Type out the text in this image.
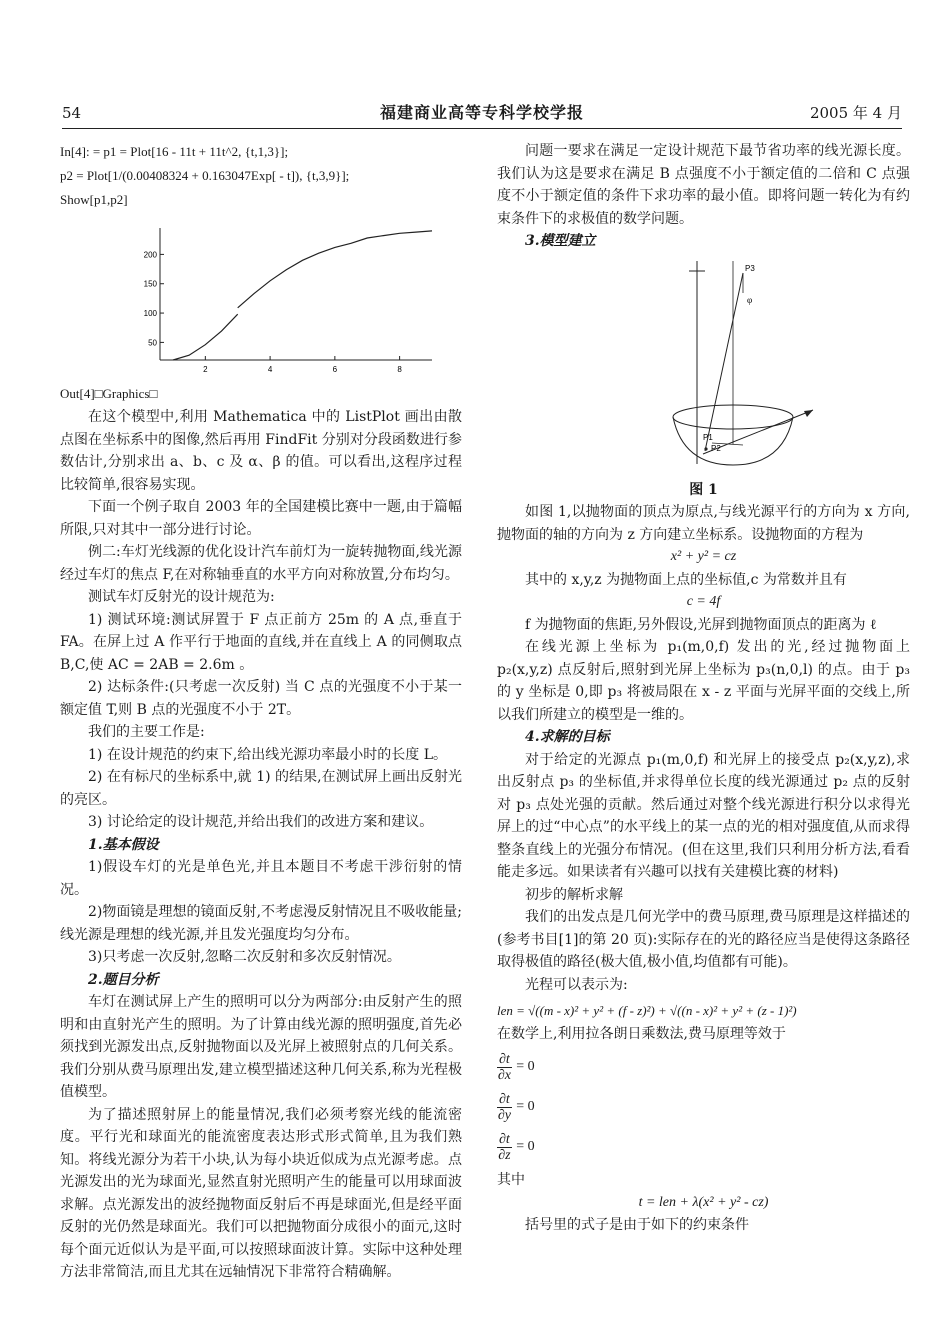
54	福建商业高等专科学校学报	2005 年 4 月

In[4]: = p1 = Plot[16 - 11t + 11t^2, {t,1,3}];

p2 = Plot[1/(0.00408324 + 0.163047Exp[ - t]), {t,3,9}];

Show[p1,p2]

50
100
150
200
2	4	6	8

Out[4]□Graphics□

在这个模型中,利用 Mathematica 中的 ListPlot 画出由散点图在坐标系中的图像,然后再用 FindFit 分别对分段函数进行参数估计,分别求出 a、b、c 及 α、β 的值。可以看出,这程序过程比较简单,很容易实现。

下面一个例子取自 2003 年的全国建模比赛中一题,由于篇幅所限,只对其中一部分进行讨论。

例二:车灯光线源的优化设计汽车前灯为一旋转抛物面,线光源经过车灯的焦点 F,在对称轴垂直的水平方向对称放置,分布均匀。

测试车灯反射光的设计规范为:

1) 测试环境:测试屏置于 F 点正前方 25m 的 A 点,垂直于 FA。在屏上过 A 作平行于地面的直线,并在直线上 A 的同侧取点 B,C,使 AC = 2AB = 2.6m 。

2) 达标条件:(只考虑一次反射) 当 C 点的光强度不小于某一额定值 T,则 B 点的光强度不小于 2T。

我们的主要工作是:

1) 在设计规范的约束下,给出线光源功率最小时的长度 L。

2) 在有标尺的坐标系中,就 1) 的结果,在测试屏上画出反射光的亮区。

3) 讨论给定的设计规范,并给出我们的改进方案和建议。

1.基本假设

1)假设车灯的光是单色光,并且本题目不考虑干涉衍射的情况。

2)物面镜是理想的镜面反射,不考虑漫反射情况且不吸收能量;线光源是理想的线光源,并且发光强度均匀分布。

3)只考虑一次反射,忽略二次反射和多次反射情况。

2.题目分析

车灯在测试屏上产生的照明可以分为两部分:由反射产生的照明和由直射光产生的照明。为了计算由线光源的照明强度,首先必须找到光源发出点,反射抛物面以及光屏上被照射点的几何关系。我们分别从费马原理出发,建立模型描述这种几何关系,称为光程极值模型。

为了描述照射屏上的能量情况,我们必须考察光线的能流密度。平行光和球面光的能流密度表达形式形式简单,且为我们熟知。将线光源分为若干小块,认为每小块近似成为点光源考虑。点光源发出的光为球面光,显然直射光照明产生的能量可以用球面波求解。点光源发出的波经抛物面反射后不再是球面光,但是经平面反射的光仍然是球面光。我们可以把抛物面分成很小的面元,这时每个面元近似认为是平面,可以按照球面波计算。实际中这种处理方法非常简洁,而且尤其在远轴情况下非常符合精确解。

问题一要求在满足一定设计规范下最节省功率的线光源长度。我们认为这是要求在满足 B 点强度不小于额定值的二倍和 C 点强度不小于额定值的条件下求功率的最小值。即将问题一转化为有约束条件下的求极值的数学问题。

3.模型建立

P3
φ
P1
P2

图 1

如图 1,以抛物面的顶点为原点,与线光源平行的方向为 x 方向,抛物面的轴的方向为 z 方向建立坐标系。设抛物面的方程为

x² + y² = cz

其中的 x,y,z 为抛物面上点的坐标值,c 为常数并且有

c = 4f

f 为抛物面的焦距,另外假设,光屏到抛物面顶点的距离为 ℓ

在线光源上坐标为 p₁(m,0,f) 发出的光,经过抛物面上 p₂(x,y,z) 点反射后,照射到光屏上坐标为 p₃(n,0,l) 的点。由于 p₃ 的 y 坐标是 0,即 p₃ 将被局限在 x - z 平面与光屏平面的交线上,所以我们所建立的模型是一维的。

4.求解的目标

对于给定的光源点 p₁(m,0,f) 和光屏上的接受点 p₂(x,y,z),求出反射点 p₃ 的坐标值,并求得单位长度的线光源通过 p₂ 点的反射对 p₃ 点处光强的贡献。然后通过对整个线光源进行积分以求得光屏上的过“中心点”的水平线上的某一点的光的相对强度值,从而求得整条直线上的光强分布情况。(但在这里,我们只利用分析方法,看看能走多远。如果读者有兴趣可以找有关建模比赛的材料)

初步的解析求解

我们的出发点是几何光学中的费马原理,费马原理是这样描述的(参考书目[1]的第 20 页):实际存在的光的路径应当是使得这条路径取得极值的路径(极大值,极小值,均值都有可能)。

光程可以表示为:

len = √((m - x)² + y² + (f - z)²) + √((n - x)² + y² + (z - 1)²)

在数学上,利用拉各朗日乘数法,费马原理等效于

$\frac{\partial t}{\partial x} = 0$
$\frac{\partial t}{\partial y} = 0$
$\frac{\partial t}{\partial z} = 0$

其中

t = len + λ(x² + y² - cz)

括号里的式子是由于如下的约束条件
